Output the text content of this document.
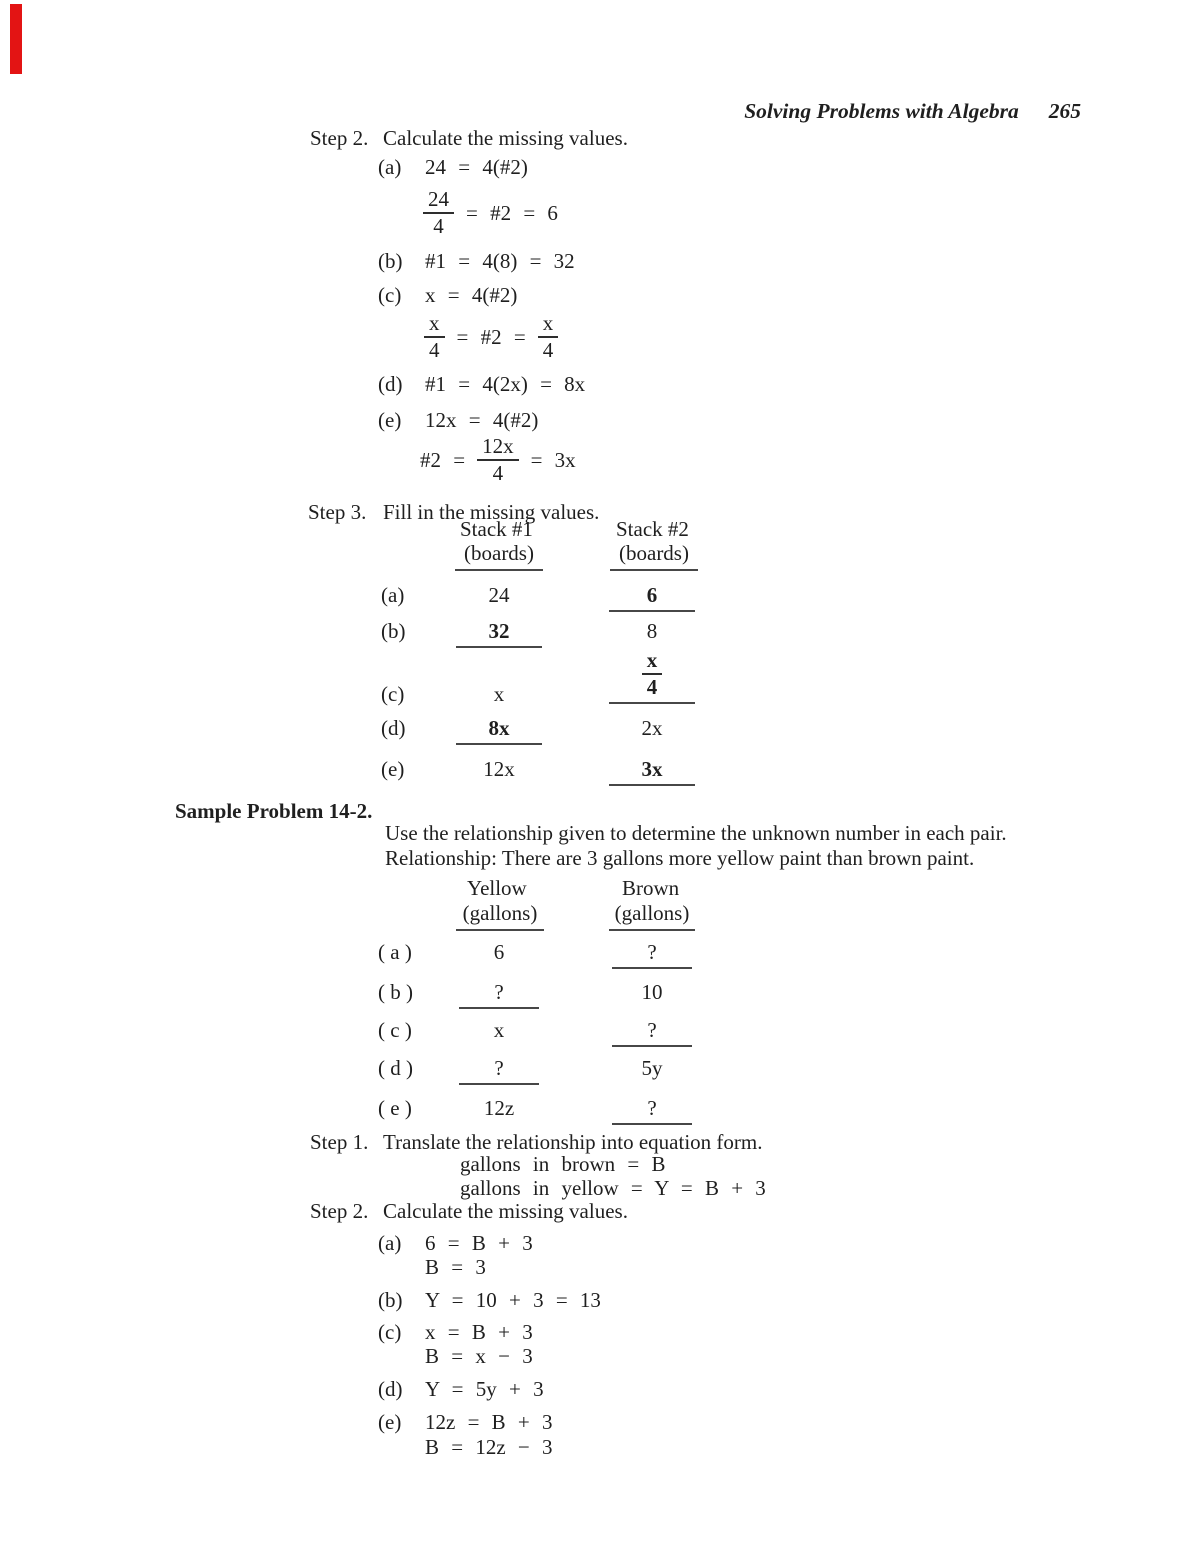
Solving Problems with Algebra 265

Step 2. Calculate the missing values.
(a) 24 = 4(#2)
$\frac{24}{4}$ = #2 = 6
(b) #1 = 4(8) = 32
(c) x = 4(#2)
$\frac{x}{4}$ = #2 = $\frac{x}{4}$
(d) #1 = 4(2x) = 8x
(e) 12x = 4(#2)
#2 = $\frac{12x}{4} = 3x$
Step 3. Fill in the missing values.
Stack #1
(boards)
Stack #2
(boards)
(a)	24	6
(b)	32	8
(c)	x	$\frac{x}{4}$
(d)	8x	2x
(e)	12x	3x
Sample Problem 14-2.
Use the relationship given to determine the unknown number in each pair.
Relationship: There are 3 gallons more yellow paint than brown paint.
Yellow
(gallons)
Brown
(gallons)
( a )	6	?
( b )	?	10
( c )	x	?
( d )	?	5y
( e )	12z	?
Step 1. Translate the relationship into equation form.
gallons in brown = B
gallons in yellow = Y = B + 3
Step 2. Calculate the missing values.
(a) 6 = B + 3
B = 3
(b) Y = 10 + 3 = 13
(c) x = B + 3
B = x − 3
(d) Y = 5y + 3
(e) 12z = B + 3
B = 12z − 3
